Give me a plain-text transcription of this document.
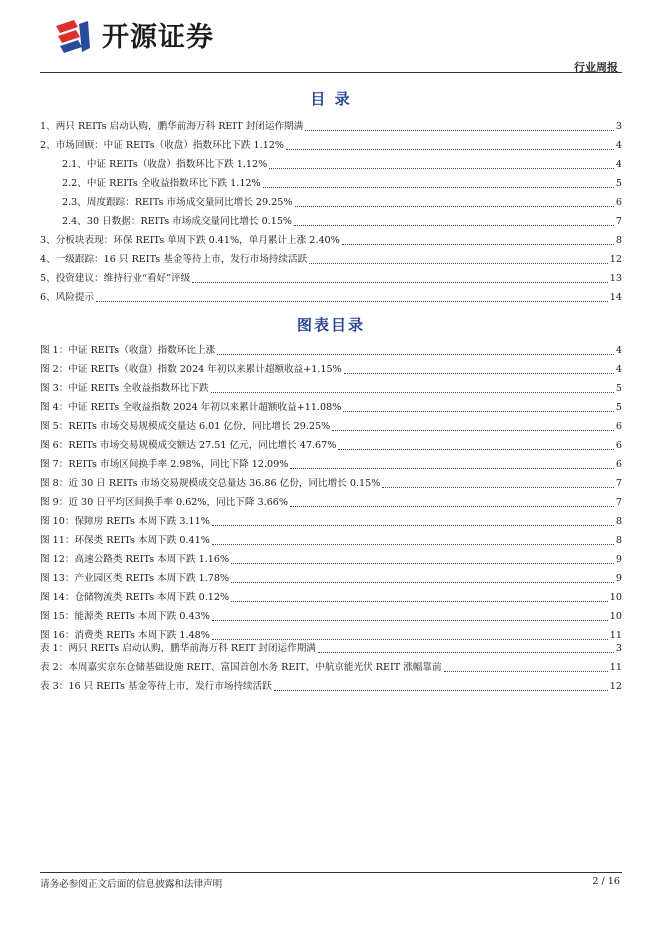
开源证券
行业周报
目 录
1、 两只 REITs 启动认购，鹏华前海万科 REIT 封闭运作期满	3
2、 市场回顾：中证 REITs（收盘）指数环比下跌 1.12%	4
2.1、 中证 REITs（收盘）指数环比下跌 1.12%	4
2.2、 中证 REITs 全收益指数环比下跌 1.12%	5
2.3、 周度跟踪：REITs 市场成交量同比增长 29.25%	6
2.4、 30 日数据：REITs 市场成交量同比增长 0.15%	7
3、 分板块表现：环保 REITs 单周下跌 0.41%，单月累计上涨 2.40%	8
4、 一级跟踪：16 只 REITs 基金等待上市，发行市场持续活跃	12
5、 投资建议：维持行业“看好”评级	13
6、 风险提示	14
图表目录
图 1： 中证 REITs（收盘）指数环比上涨	4
图 2： 中证 REITs（收盘）指数 2024 年初以来累计超额收益+1.15%	4
图 3： 中证 REITs 全收益指数环比下跌	5
图 4： 中证 REITs 全收益指数 2024 年初以来累计超额收益+11.08%	5
图 5： REITs 市场交易规模成交量达 6.01 亿份，同比增长 29.25%	6
图 6： REITs 市场交易规模成交额达 27.51 亿元，同比增长 47.67%	6
图 7： REITs 市场区间换手率 2.98%，同比下降 12.09%	6
图 8： 近 30 日 REITs 市场交易规模成交总量达 36.86 亿份，同比增长 0.15%	7
图 9： 近 30 日平均区间换手率 0.62%，同比下降 3.66%	7
图 10： 保障房 REITs 本周下跌 3.11%	8
图 11： 环保类 REITs 本周下跌 0.41%	8
图 12： 高速公路类 REITs 本周下跌 1.16%	9
图 13： 产业园区类 REITs 本周下跌 1.78%	9
图 14： 仓储物流类 REITs 本周下跌 0.12%	10
图 15： 能源类 REITs 本周下跌 0.43%	10
图 16： 消费类 REITs 本周下跌 1.48%	11
表 1： 两只 REITs 启动认购，鹏华前海万科 REIT 封闭运作期满	3
表 2： 本周嘉实京东仓储基础设施 REIT、富国首创水务 REIT、中航京能光伏 REIT 涨幅靠前	11
表 3： 16 只 REITs 基金等待上市，发行市场持续活跃	12
请务必参阅正文后面的信息披露和法律声明	2 / 16
